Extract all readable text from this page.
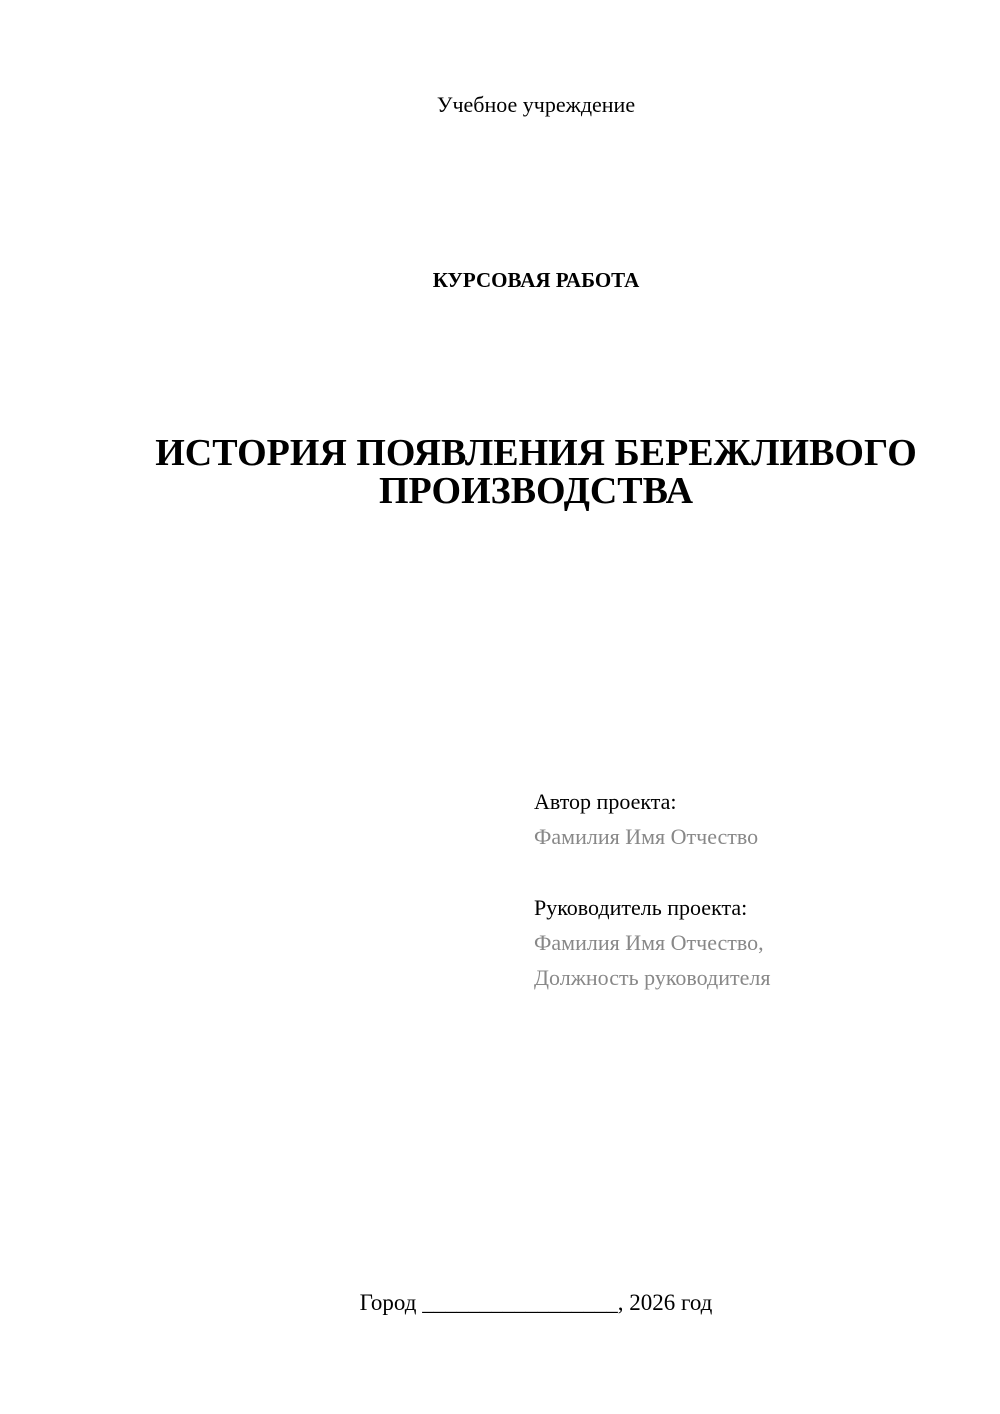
Учебное учреждение
КУРСОВАЯ РАБОТА
ИСТОРИЯ ПОЯВЛЕНИЯ БЕРЕЖЛИВОГО
ПРОИЗВОДСТВА
Автор проекта:
Фамилия Имя Отчество
Руководитель проекта:
Фамилия Имя Отчество,
Должность руководителя
Город _________________, 2026 год
